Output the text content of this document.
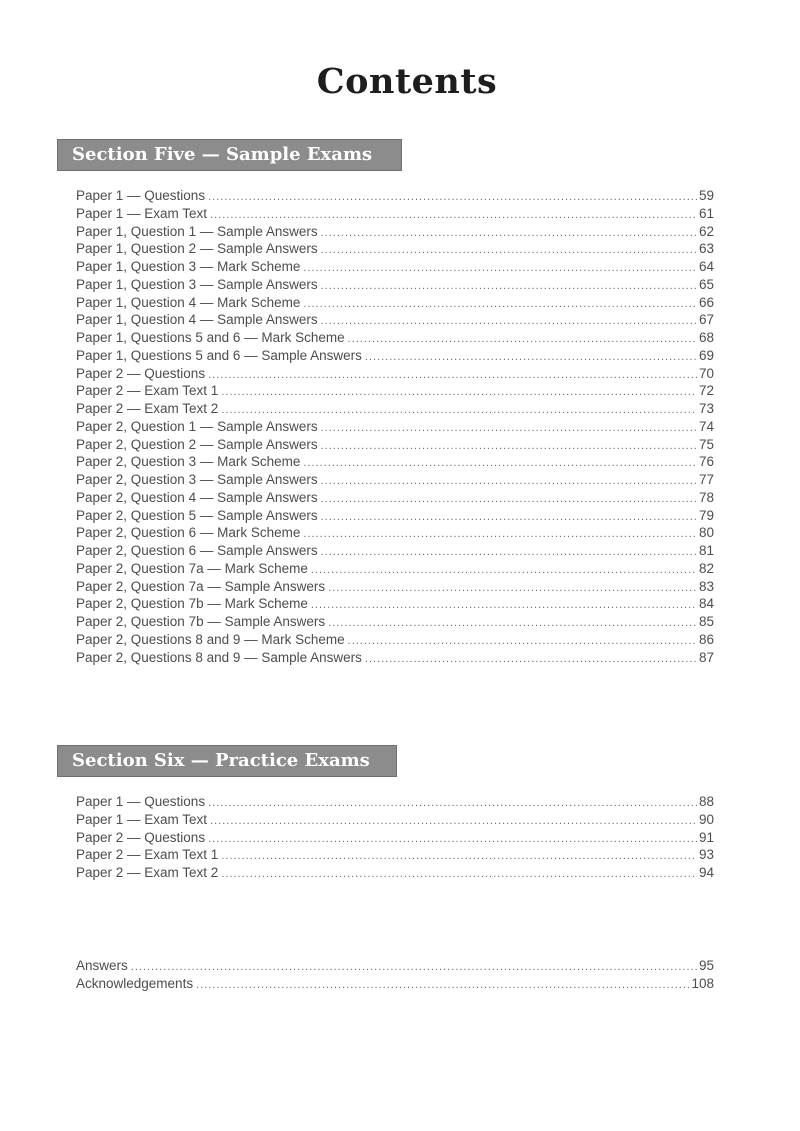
Contents
Section Five — Sample Exams
Paper 1 — Questions .....	59
Paper 1 — Exam Text .....	61
Paper 1, Question 1 — Sample Answers .....	62
Paper 1, Question 2 — Sample Answers .....	63
Paper 1, Question 3 — Mark Scheme .....	64
Paper 1, Question 3 — Sample Answers .....	65
Paper 1, Question 4 — Mark Scheme .....	66
Paper 1, Question 4 — Sample Answers .....	67
Paper 1, Questions 5 and 6 — Mark Scheme .....	68
Paper 1, Questions 5 and 6 — Sample Answers .....	69
Paper 2 — Questions .....	70
Paper 2 — Exam Text 1 .....	72
Paper 2 — Exam Text 2 .....	73
Paper 2, Question 1 — Sample Answers .....	74
Paper 2, Question 2 — Sample Answers .....	75
Paper 2, Question 3 — Mark Scheme .....	76
Paper 2, Question 3 — Sample Answers .....	77
Paper 2, Question 4 — Sample Answers .....	78
Paper 2, Question 5 — Sample Answers .....	79
Paper 2, Question 6 — Mark Scheme .....	80
Paper 2, Question 6 — Sample Answers .....	81
Paper 2, Question 7a — Mark Scheme .....	82
Paper 2, Question 7a — Sample Answers .....	83
Paper 2, Question 7b — Mark Scheme .....	84
Paper 2, Question 7b — Sample Answers .....	85
Paper 2, Questions 8 and 9 — Mark Scheme .....	86
Paper 2, Questions 8 and 9 — Sample Answers .....	87
Section Six — Practice Exams
Paper 1 — Questions .....	88
Paper 1 — Exam Text .....	90
Paper 2 — Questions .....	91
Paper 2 — Exam Text 1 .....	93
Paper 2 — Exam Text 2 .....	94
Answers .....	95
Acknowledgements .....	108
